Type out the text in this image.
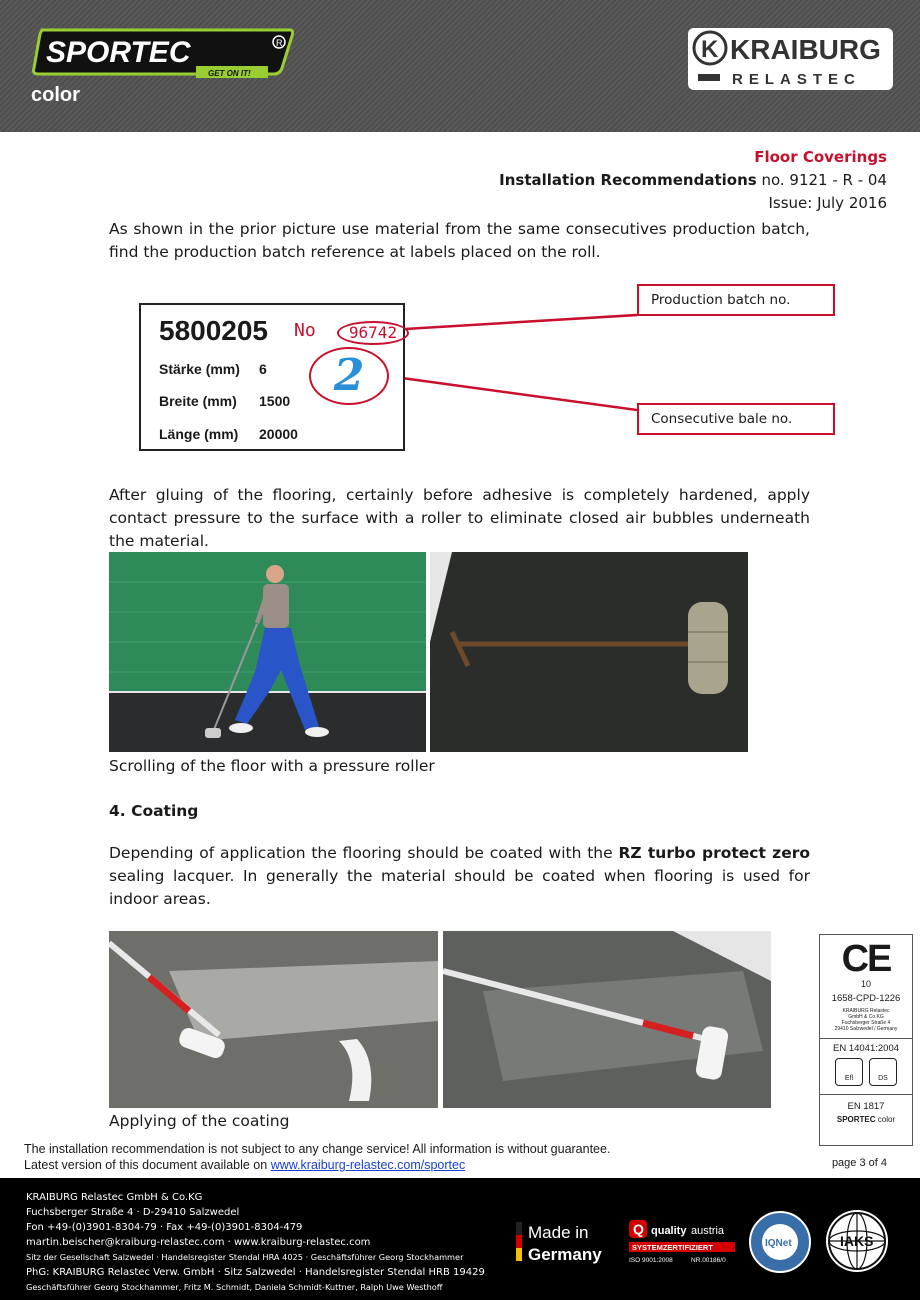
SPORTEC	R
GET ON IT!
color
K KRAIBURG
RELASTEC
Floor Coverings
Installation Recommendations no. 9121 - R - 04
Issue: July 2016

As shown in the prior picture use material from the same consecutives production batch, find the production batch reference at labels placed on the roll.

5800205 No	96742
2
Stärke (mm) 6
Breite (mm) 1500
Länge (mm) 20000
Production batch no.
Consecutive bale no.

After gluing of the flooring, certainly before adhesive is completely hardened, apply contact pressure to the surface with a roller to eliminate closed air bubbles underneath the material.

Scrolling of the floor with a pressure roller
4. Coating

Depending of application the flooring should be coated with the RZ turbo protect zero sealing lacquer. In generally the material should be coated when flooring is used for indoor areas.

Applying of the coating
CE
10
1658-CPD-1226
KRAIBURG Relastec
GmbH & Co.KG
Fuchsberger Straße 4
29410 Salzwedel / Germany
EN 14041:2004
Efl	DS
EN 1817
SPORTEC color
The installation recommendation is not subject to any change service! All information is without guarantee.
Latest version of this document available on www.kraiburg-relastec.com/sportec	page 3 of 4
KRAIBURG Relastec GmbH & Co.KG
Fuchsberger Straße 4 · D-29410 Salzwedel
Fon +49-(0)3901-8304-79 · Fax +49-(0)3901-8304-479
martin.beischer@kraiburg-relastec.com · www.kraiburg-relastec.com
Sitz der Gesellschaft Salzwedel · Handelsregister Stendal HRA 4025 · Geschäftsführer Georg Stockhammer
PhG: KRAIBURG Relastec Verw. GmbH · Sitz Salzwedel · Handelsregister Stendal HRB 19429
Geschäftsführer Georg Stockhammer, Fritz M. Schmidt, Daniela Schmidt-Kuttner, Ralph Uwe Westhoff
Made in
Germany
Q quality austria
SYSTEMZERTIFIZIERT
ISO 9001:2008	NR.00186/0
IQNet	IAKS
